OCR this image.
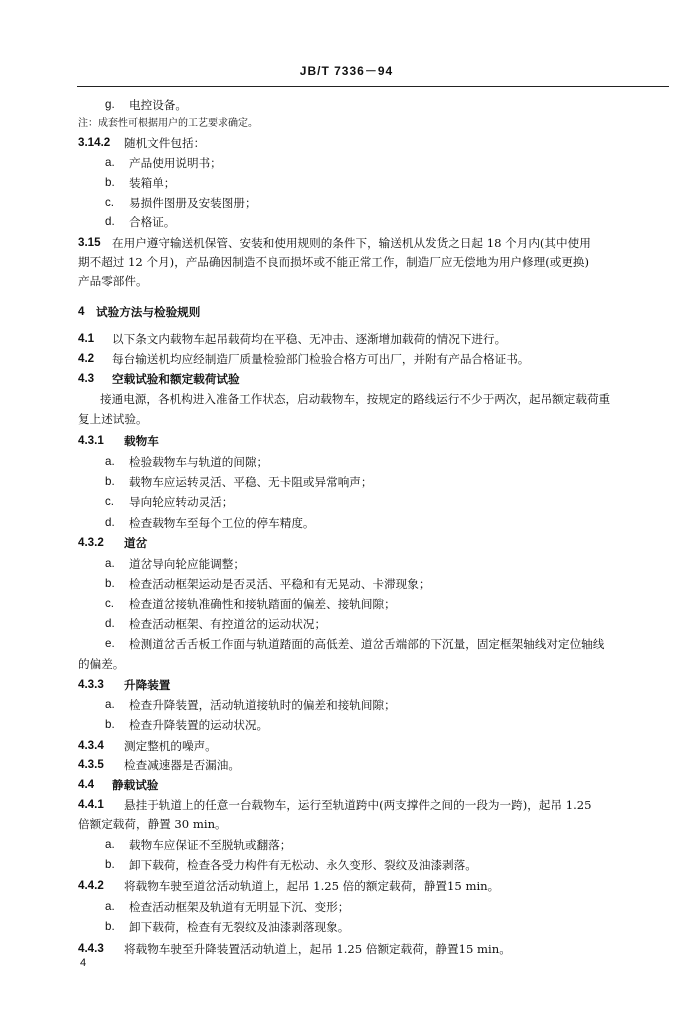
JB/T 7336－94
g. 电控设备。
注：成套性可根据用户的工艺要求确定。
3.14.2 随机文件包括：
a. 产品使用说明书；
b. 装箱单；
c. 易损件图册及安装图册；
d. 合格证。
3.15 在用户遵守输送机保管、安装和使用规则的条件下，输送机从发货之日起 18 个月内(其中使用
期不超过 12 个月)，产品确因制造不良而损坏或不能正常工作，制造厂应无偿地为用户修理(或更换)
产品零部件。
4 试验方法与检验规则
4.1 以下条文内载物车起吊载荷均在平稳、无冲击、逐渐增加载荷的情况下进行。
4.2 每台输送机均应经制造厂质量检验部门检验合格方可出厂，并附有产品合格证书。
4.3 空载试验和额定载荷试验
接通电源，各机构进入准备工作状态，启动载物车，按规定的路线运行不少于两次，起吊额定载荷重
复上述试验。
4.3.1 载物车
a. 检验载物车与轨道的间隙；
b. 载物车应运转灵活、平稳、无卡阻或异常响声；
c. 导向轮应转动灵活；
d. 检查载物车至每个工位的停车精度。
4.3.2 道岔
a. 道岔导向轮应能调整；
b. 检查活动框架运动是否灵活、平稳和有无晃动、卡滞现象；
c. 检查道岔接轨准确性和接轨踏面的偏差、接轨间隙；
d. 检查活动框架、有控道岔的运动状况；
e. 检测道岔舌舌板工作面与轨道踏面的高低差、道岔舌端部的下沉量，固定框架轴线对定位轴线
的偏差。
4.3.3 升降装置
a. 检查升降装置，活动轨道接轨时的偏差和接轨间隙；
b. 检查升降装置的运动状况。
4.3.4 测定整机的噪声。
4.3.5 检查减速器是否漏油。
4.4 静载试验
4.4.1 悬挂于轨道上的任意一台载物车，运行至轨道跨中(两支撑件之间的一段为一跨)，起吊 1.25
倍额定载荷，静置 30 min。
a. 载物车应保证不至脱轨或翻落；
b. 卸下载荷，检查各受力构件有无松动、永久变形、裂纹及油漆剥落。
4.4.2 将载物车驶至道岔活动轨道上，起吊 1.25 倍的额定载荷，静置15 min。
a. 检查活动框架及轨道有无明显下沉、变形；
b. 卸下载荷，检查有无裂纹及油漆剥落现象。
4.4.3 将载物车驶至升降装置活动轨道上，起吊 1.25 倍额定载荷，静置15 min。
4
